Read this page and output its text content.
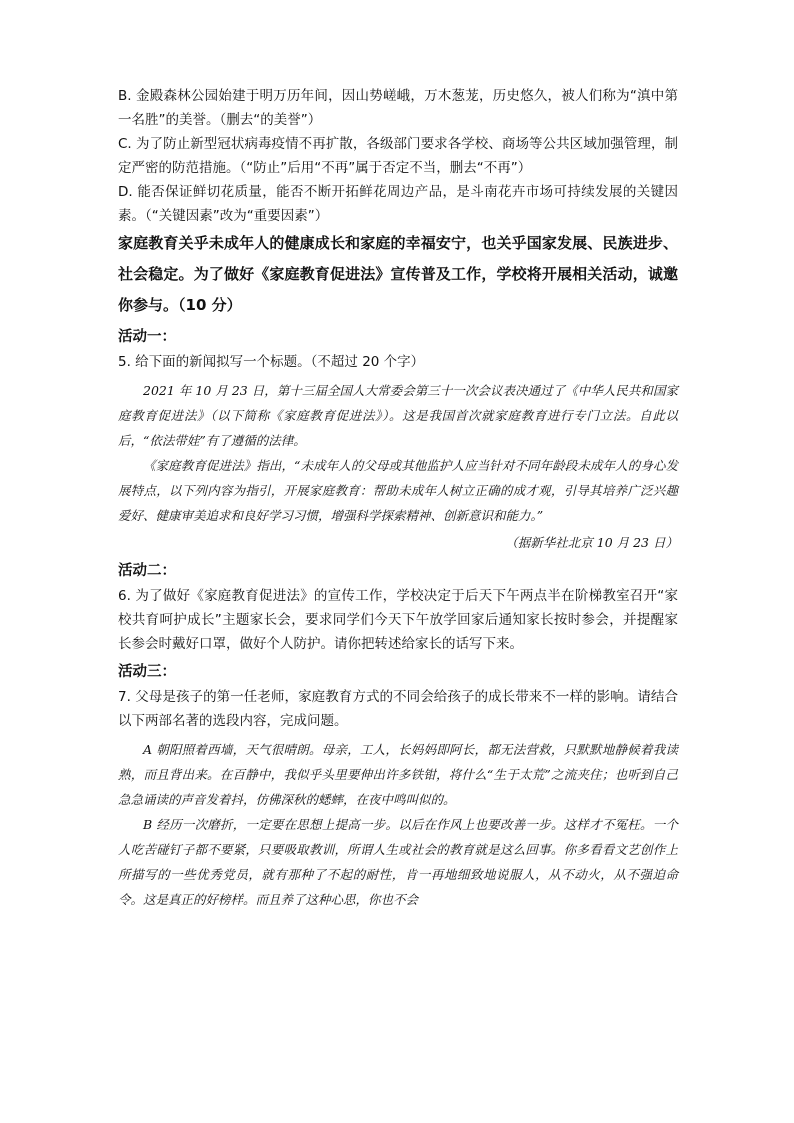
B. 金殿森林公园始建于明万历年间，因山势嵯峨，万木葱茏，历史悠久，被人们称为“滇中第一名胜”的美誉。（删去“的美誉”）

C. 为了防止新型冠状病毒疫情不再扩散，各级部门要求各学校、商场等公共区域加强管理，制定严密的防范措施。（“防止”后用“不再”属于否定不当，删去“不再”）

D. 能否保证鲜切花质量，能否不断开拓鲜花周边产品，是斗南花卉市场可持续发展的关键因素。（“关键因素”改为“重要因素”）

家庭教育关乎未成年人的健康成长和家庭的幸福安宁，也关乎国家发展、民族进步、社会稳定。为了做好《家庭教育促进法》宣传普及工作，学校将开展相关活动，诚邀你参与。（10 分）

活动一：

5. 给下面的新闻拟写一个标题。（不超过 20 个字）

2021 年 10 月 23 日，第十三届全国人大常委会第三十一次会议表决通过了《中华人民共和国家庭教育促进法》（以下简称《家庭教育促进法》）。这是我国首次就家庭教育进行专门立法。自此以后，“依法带娃”有了遵循的法律。

《家庭教育促进法》指出，“未成年人的父母或其他监护人应当针对不同年龄段未成年人的身心发展特点，以下列内容为指引，开展家庭教育：帮助未成年人树立正确的成才观，引导其培养广泛兴趣爱好、健康审美追求和良好学习习惯，增强科学探索精神、创新意识和能力。”

（据新华社北京 10 月 23 日）

活动二：

6. 为了做好《家庭教育促进法》的宣传工作，学校决定于后天下午两点半在阶梯教室召开“家校共育呵护成长”主题家长会，要求同学们今天下午放学回家后通知家长按时参会，并提醒家长参会时戴好口罩，做好个人防护。请你把转述给家长的话写下来。

活动三：

7. 父母是孩子的第一任老师，家庭教育方式的不同会给孩子的成长带来不一样的影响。请结合以下两部名著的选段内容，完成问题。

A 朝阳照着西墙，天气很晴朗。母亲，工人，长妈妈即阿长，都无法营救，只默默地静候着我读熟，而且背出来。在百静中，我似乎头里要伸出许多铁钳，将什么“生于太荒”之流夹住；也听到自己急急诵读的声音发着抖，仿佛深秋的蟋蟀，在夜中鸣叫似的。

B 经历一次磨折，一定要在思想上提高一步。以后在作风上也要改善一步。这样才不冤枉。一个人吃苦碰钉子都不要紧，只要吸取教训，所谓人生或社会的教育就是这么回事。你多看看文艺创作上所描写的一些优秀党员，就有那种了不起的耐性，肯一再地细致地说服人，从不动火，从不强迫命令。这是真正的好榜样。而且养了这种心思，你也不会
